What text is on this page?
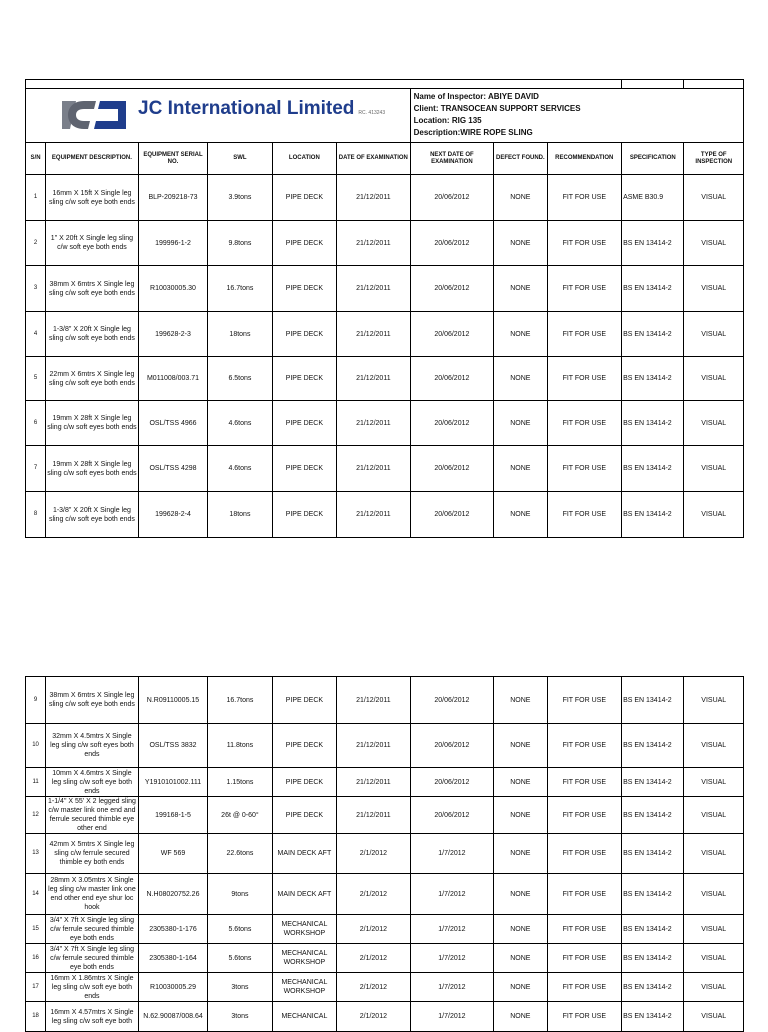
JC International Limited RC. 413243						Name of Inspector: ABIYE DAVID
Client: TRANSOCEAN SUPPORT SERVICES
Location: RIG 135
Description:WIRE ROPE SLING				

S/N	EQUIPMENT DESCRIPTION.	EQUIPMENT SERIAL NO.	SWL	LOCATION	DATE OF EXAMINATION	NEXT DATE OF EXAMINATION	DEFECT FOUND.	RECOMMENDATION	SPECIFICATION	TYPE OF INSPECTION
1	16mm X 15ft X Single leg sling c/w soft eye both ends	BLP-209218-73	3.9tons	PIPE DECK	21/12/2011	20/06/2012	NONE	FIT FOR USE	ASME B30.9	VISUAL
2	1" X 20ft X Single leg sling c/w soft eye both ends	199996-1-2	9.8tons	PIPE DECK	21/12/2011	20/06/2012	NONE	FIT FOR USE	BS EN 13414-2	VISUAL
3	38mm X 6mtrs X Single leg sling c/w soft eye both ends	R10030005.30	16.7tons	PIPE DECK	21/12/2011	20/06/2012	NONE	FIT FOR USE	BS EN 13414-2	VISUAL
4	1-3/8" X 20ft X Single leg sling c/w soft eye both ends	199628-2-3	18tons	PIPE DECK	21/12/2011	20/06/2012	NONE	FIT FOR USE	BS EN 13414-2	VISUAL
5	22mm X 6mtrs X Single leg sling c/w soft eye both ends	M011008/003.71	6.5tons	PIPE DECK	21/12/2011	20/06/2012	NONE	FIT FOR USE	BS EN 13414-2	VISUAL
6	19mm X 28ft X Single leg sling c/w soft eyes both ends	OSL/TSS 4966	4.6tons	PIPE DECK	21/12/2011	20/06/2012	NONE	FIT FOR USE	BS EN 13414-2	VISUAL
7	19mm X 28ft X Single leg sling c/w soft eyes both ends	OSL/TSS 4298	4.6tons	PIPE DECK	21/12/2011	20/06/2012	NONE	FIT FOR USE	BS EN 13414-2	VISUAL
8	1-3/8" X 20ft X Single leg sling c/w soft eye both ends	199628-2-4	18tons	PIPE DECK	21/12/2011	20/06/2012	NONE	FIT FOR USE	BS EN 13414-2	VISUAL
9	38mm X 6mtrs X Single leg sling c/w soft eye both ends	N.R09110005.15	16.7tons	PIPE DECK	21/12/2011	20/06/2012	NONE	FIT FOR USE	BS EN 13414-2	VISUAL
10	32mm X 4.5mtrs X Single leg sling c/w soft eyes both ends	OSL/TSS 3832	11.8tons	PIPE DECK	21/12/2011	20/06/2012	NONE	FIT FOR USE	BS EN 13414-2	VISUAL
11	10mm X 4.6mtrs X Single leg sling c/w soft eye both ends	Y1910101002.111	1.15tons	PIPE DECK	21/12/2011	20/06/2012	NONE	FIT FOR USE	BS EN 13414-2	VISUAL
12	1-1/4" X 55' X 2 legged sling c/w master link one end and ferrule secured thimble eye other end	199168-1-5	26t @ 0-60°	PIPE DECK	21/12/2011	20/06/2012	NONE	FIT FOR USE	BS EN 13414-2	VISUAL
13	42mm X 5mtrs X Single leg sling c/w ferrule secured thimble ey both ends	WF 569	22.6tons	MAIN DECK AFT	2/1/2012	1/7/2012	NONE	FIT FOR USE	BS EN 13414-2	VISUAL
14	28mm X 3.05mtrs X Single leg sling c/w master link one end other end eye shur loc hook	N.H08020752.26	9tons	MAIN DECK AFT	2/1/2012	1/7/2012	NONE	FIT FOR USE	BS EN 13414-2	VISUAL
15	3/4" X 7ft X Single leg sling c/w ferrule secured thimble eye both ends	2305380-1-176	5.6tons	MECHANICAL WORKSHOP	2/1/2012	1/7/2012	NONE	FIT FOR USE	BS EN 13414-2	VISUAL
16	3/4" X 7ft X Single leg sling c/w ferrule secured thimble eye both ends	2305380-1-164	5.6tons	MECHANICAL WORKSHOP	2/1/2012	1/7/2012	NONE	FIT FOR USE	BS EN 13414-2	VISUAL
17	16mm X 1.86mtrs X Single leg sling c/w soft eye both ends	R10030005.29	3tons	MECHANICAL WORKSHOP	2/1/2012	1/7/2012	NONE	FIT FOR USE	BS EN 13414-2	VISUAL
18	16mm X 4.57mtrs X Single leg sling c/w soft eye both	N.62.90087/008.64	3tons	MECHANICAL	2/1/2012	1/7/2012	NONE	FIT FOR USE	BS EN 13414-2	VISUAL
